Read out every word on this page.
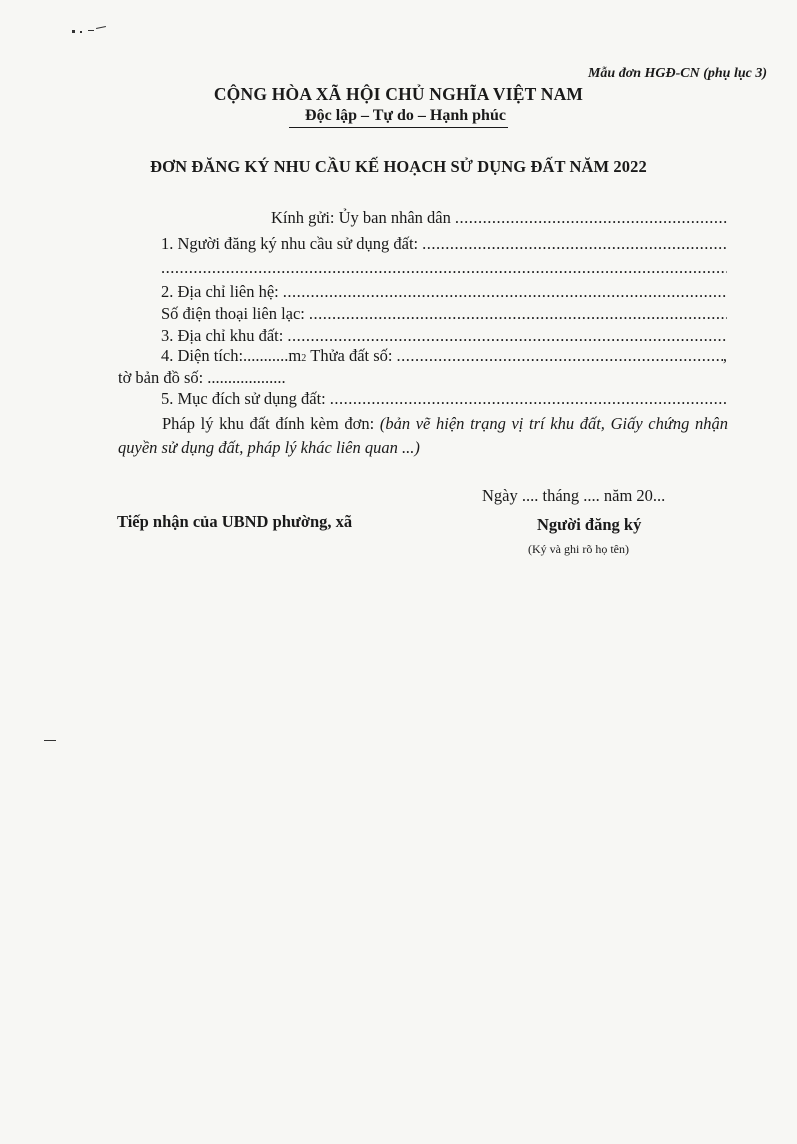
Mẫu đơn HGĐ-CN (phụ lục 3)
CỘNG HÒA XÃ HỘI CHỦ NGHĨA VIỆT NAM
Độc lập – Tự do – Hạnh phúc
ĐƠN ĐĂNG KÝ NHU CẦU KẾ HOẠCH SỬ DỤNG ĐẤT NĂM 2022
Kính gửi: Ủy ban nhân dân
.....
1. Người đăng ký nhu cầu sử dụng đất:
.....
.....
2. Địa chỉ liên hệ:
.....
Số điện thoại liên lạc:
.....
3. Địa chỉ khu đất:
.....
4. Diện tích:...........m 2 Thửa đất số:
.....	,
tờ bản đồ số: ...................
5. Mục đích sử dụng đất:
.....
Pháp lý khu đất đính kèm đơn: (bản vẽ hiện trạng vị trí khu đất, Giấy chứng nhận quyền sử dụng đất, pháp lý khác liên quan ...)
Ngày .... tháng .... năm 20...
Tiếp nhận của UBND phường, xã	Người đăng ký
(Ký và ghi rõ họ tên)
